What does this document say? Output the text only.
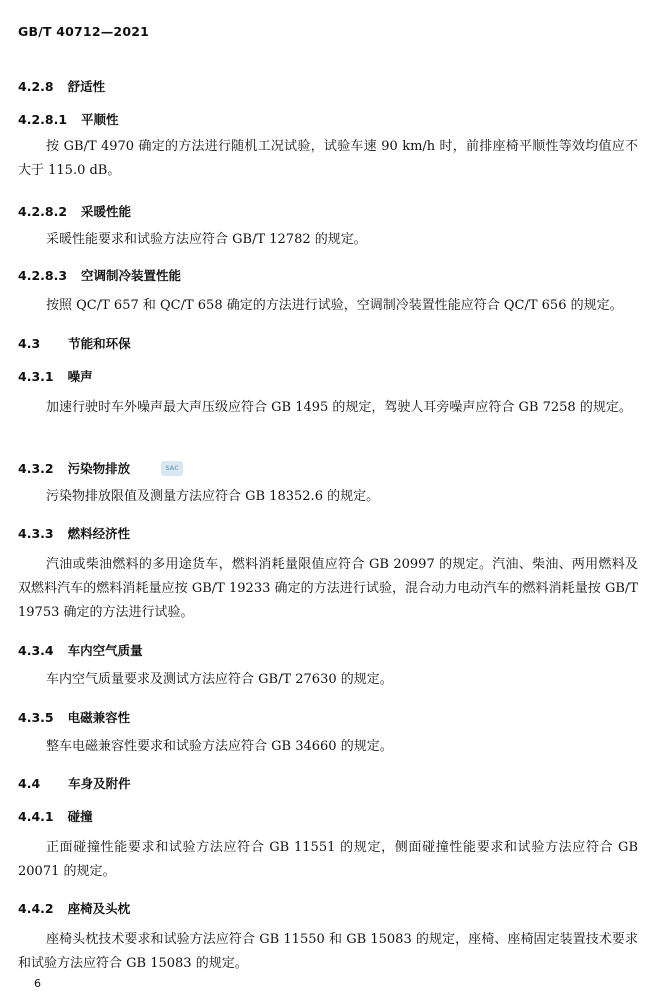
GB/T 40712—2021
4.2.8 舒适性
4.2.8.1 平顺性

按 GB/T 4970 确定的方法进行随机工况试验，试验车速 90 km/h 时，前排座椅平顺性等效均值应不大于 115.0 dB。

4.2.8.2 采暖性能

采暖性能要求和试验方法应符合 GB/T 12782 的规定。

4.2.8.3 空调制冷装置性能

按照 QC/T 657 和 QC/T 658 确定的方法进行试验，空调制冷装置性能应符合 QC/T 656 的规定。

4.3 节能和环保
4.3.1 噪声

加速行驶时车外噪声最大声压级应符合 GB 1495 的规定，驾驶人耳旁噪声应符合 GB 7258 的规定。

4.3.2 污染物排放	SAC

污染物排放限值及测量方法应符合 GB 18352.6 的规定。

4.3.3 燃料经济性

汽油或柴油燃料的多用途货车，燃料消耗量限值应符合 GB 20997 的规定。汽油、柴油、两用燃料及双燃料汽车的燃料消耗量应按 GB/T 19233 确定的方法进行试验，混合动力电动汽车的燃料消耗量按 GB/T 19753 确定的方法进行试验。

4.3.4 车内空气质量

车内空气质量要求及测试方法应符合 GB/T 27630 的规定。

4.3.5 电磁兼容性

整车电磁兼容性要求和试验方法应符合 GB 34660 的规定。

4.4 车身及附件
4.4.1 碰撞

正面碰撞性能要求和试验方法应符合 GB 11551 的规定，侧面碰撞性能要求和试验方法应符合 GB 20071 的规定。

4.4.2 座椅及头枕

座椅头枕技术要求和试验方法应符合 GB 11550 和 GB 15083 的规定，座椅、座椅固定装置技术要求和试验方法应符合 GB 15083 的规定。

6
